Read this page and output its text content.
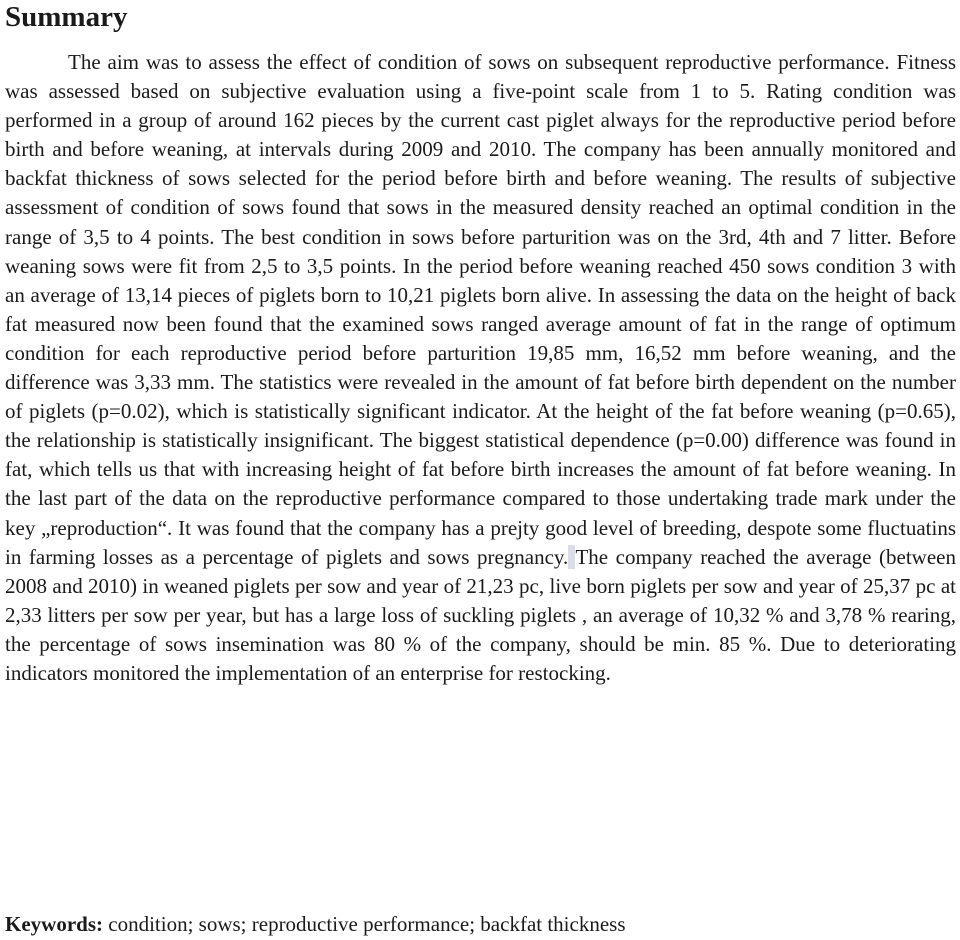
Summary

The aim was to assess the effect of condition of sows on subsequent reproductive performance. Fitness was assessed based on subjective evaluation using a five-point scale from 1 to 5. Rating condition was performed in a group of around 162 pieces by the current cast piglet always for the reproductive period before birth and before weaning, at intervals during 2009 and 2010. The company has been annually monitored and backfat thickness of sows selected for the period before birth and before weaning. The results of subjective assessment of condition of sows found that sows in the measured density reached an optimal condition in the range of 3,5 to 4 points. The best condition in sows before parturition was on the 3rd, 4th and 7 litter. Before weaning sows were fit from 2,5 to 3,5 points. In the period before weaning reached 450 sows condition 3 with an average of 13,14 pieces of piglets born to 10,21 piglets born alive. In assessing the data on the height of back fat measured now been found that the examined sows ranged average amount of fat in the range of optimum condition for each reproductive period before parturition 19,85 mm, 16,52 mm before weaning, and the difference was 3,33 mm. The statistics were revealed in the amount of fat before birth dependent on the number of piglets (p=0.02), which is statistically significant indicator. At the height of the fat before weaning (p=0.65), the relationship is statistically insignificant. The biggest statistical dependence (p=0.00) difference was found in fat, which tells us that with increasing height of fat before birth increases the amount of fat before weaning. In the last part of the data on the reproductive performance compared to those undertaking trade mark under the key „reproduction“. It was found that the company has a prejty good level of breeding, despote some fluctuatins in farming losses as a percentage of piglets and sows pregnancy. The company reached the average (between 2008 and 2010) in weaned piglets per sow and year of 21,23 pc, live born piglets per sow and year of 25,37 pc at 2,33 litters per sow per year, but has a large loss of suckling piglets , an average of 10,32 % and 3,78 % rearing, the percentage of sows insemination was 80 % of the company, should be min. 85 %. Due to deteriorating indicators monitored the implementation of an enterprise for restocking.

Keywords: condition; sows; reproductive performance; backfat thickness
